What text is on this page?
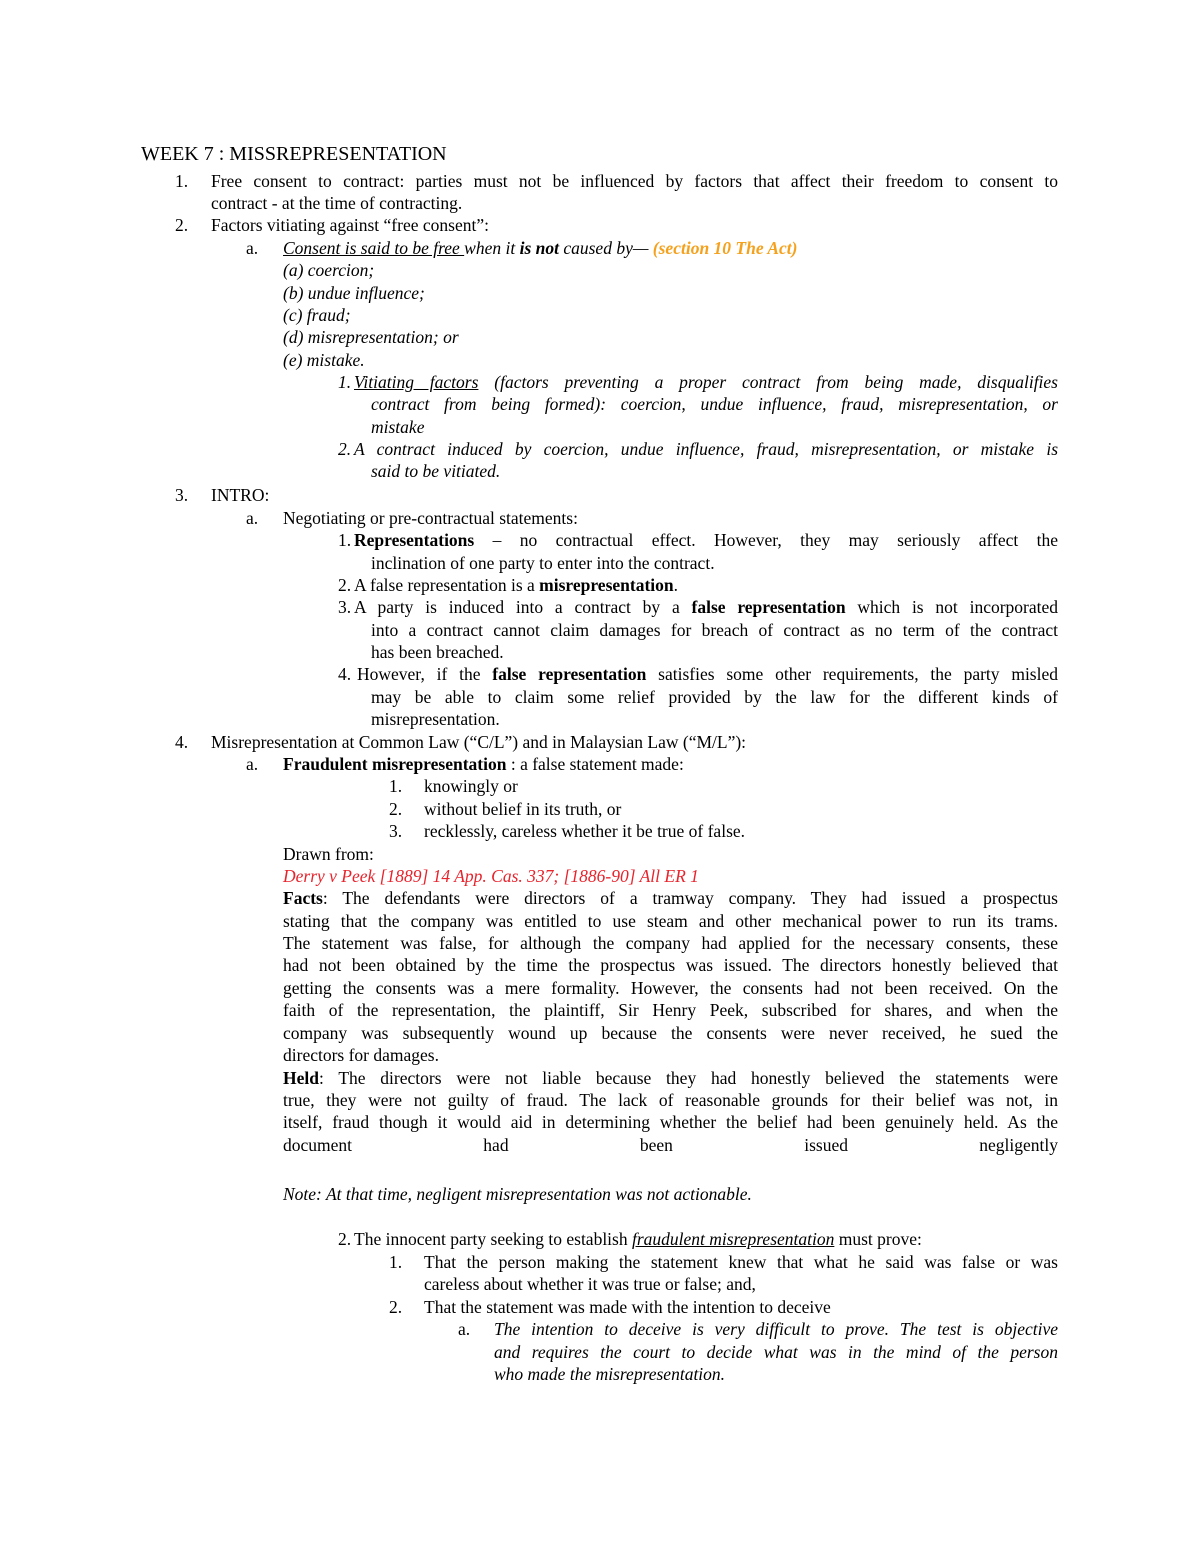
WEEK 7 : MISSREPRESENTATION
1. Free consent to contract: parties must not be influenced by factors that affect their freedom to consent to
contract - at the time of contracting.
2. Factors vitiating against “free consent”:
a. Consent is said to be free when it is not caused by— (section 10 The Act)
(a) coercion;
(b) undue influence;
(c) fraud;
(d) misrepresentation; or
(e) mistake.
1. Vitiating factors (factors preventing a proper contract from being made, disqualifies
contract from being formed): coercion, undue influence, fraud, misrepresentation, or
mistake
2. A contract induced by coercion, undue influence, fraud, misrepresentation, or mistake is
said to be vitiated.
3. INTRO:
a. Negotiating or pre-contractual statements:
1. Representations – no contractual effect. However, they may seriously affect the
inclination of one party to enter into the contract.
2. A false representation is a misrepresentation.
3. A party is induced into a contract by a false representation which is not incorporated
into a contract cannot claim damages for breach of contract as no term of the contract
has been breached.
4. However, if the false representation satisfies some other requirements, the party misled
may be able to claim some relief provided by the law for the different kinds of
misrepresentation.
4. Misrepresentation at Common Law (“C/L”) and in Malaysian Law (“M/L”):
a. Fraudulent misrepresentation : a false statement made:
1. knowingly or
2. without belief in its truth, or
3. recklessly, careless whether it be true of false.
Drawn from:
Derry v Peek [1889] 14 App. Cas. 337; [1886-90] All ER 1
Facts: The defendants were directors of a tramway company. They had issued a prospectus
stating that the company was entitled to use steam and other mechanical power to run its trams.
The statement was false, for although the company had applied for the necessary consents, these
had not been obtained by the time the prospectus was issued. The directors honestly believed that
getting the consents was a mere formality. However, the consents had not been received. On the
faith of the representation, the plaintiff, Sir Henry Peek, subscribed for shares, and when the
company was subsequently wound up because the consents were never received, he sued the
directors for damages.
Held: The directors were not liable because they had honestly believed the statements were
true, they were not guilty of fraud. The lack of reasonable grounds for their belief was not, in
itself, fraud though it would aid in determining whether the belief had been genuinely held. As the
document had been issued negligently
Note: At that time, negligent misrepresentation was not actionable.
2. The innocent party seeking to establish fraudulent misrepresentation must prove:
1. That the person making the statement knew that what he said was false or was
careless about whether it was true or false; and,
2. That the statement was made with the intention to deceive
a. The intention to deceive is very difficult to prove. The test is objective
and requires the court to decide what was in the mind of the person
who made the misrepresentation.
